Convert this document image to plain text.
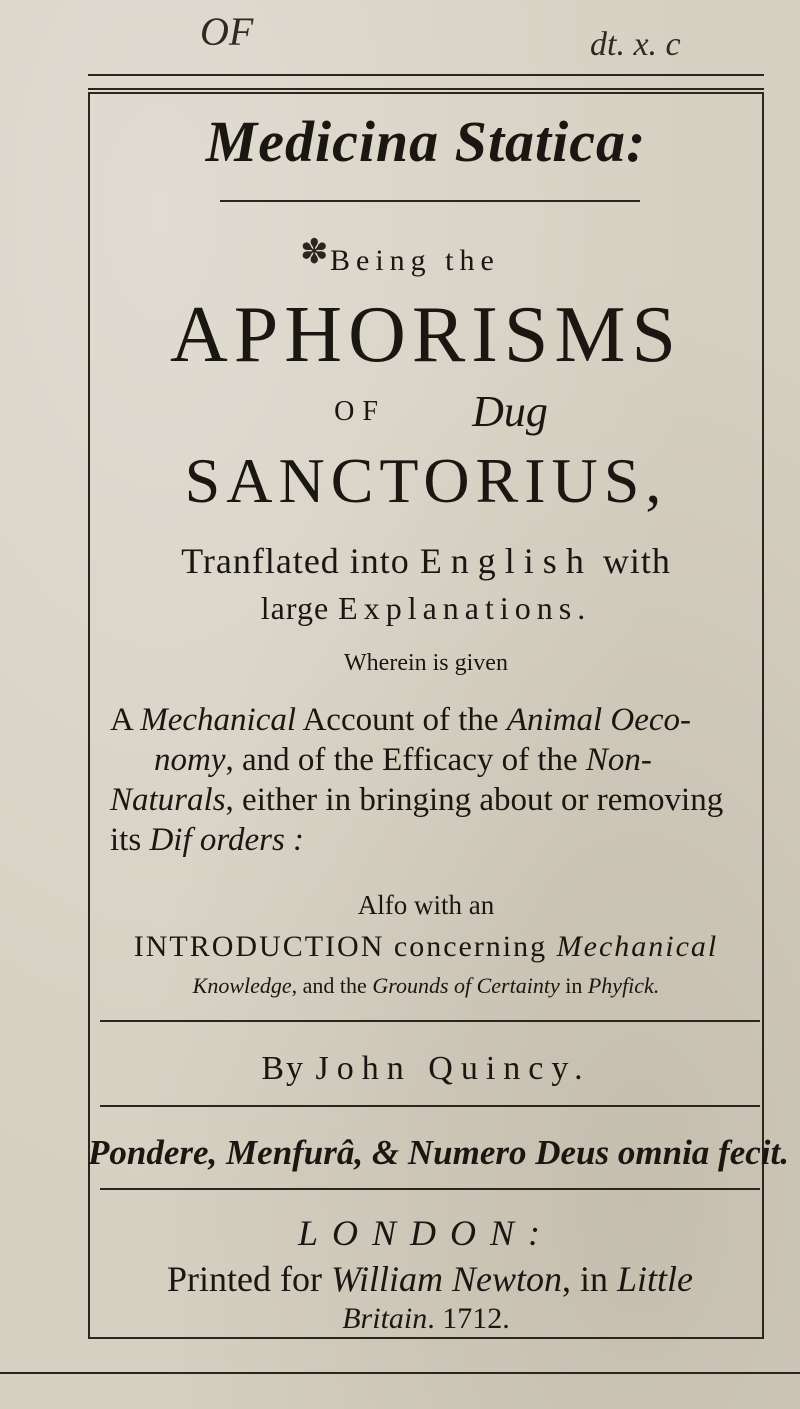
OF	dt. x. c
Medicina Statica:
✽ Being the
APHORISMS
OF	Dug
SANCTORIUS,
Tranflated into English with
large Explanations.
Wherein is given
A Mechanical Account of the Animal Oeco-
nomy, and of the Efficacy of the Non-Naturals, either in bringing about or removing its Dif orders :
Alfo with an
INTRODUCTION concerning Mechanical
Knowledge, and the Grounds of Certainty in Phyfick.
By John Quincy.
Pondere, Menfurâ, & Numero Deus omnia fecit.
LONDON:
Printed for William Newton, in Little
Britain. 1712.
